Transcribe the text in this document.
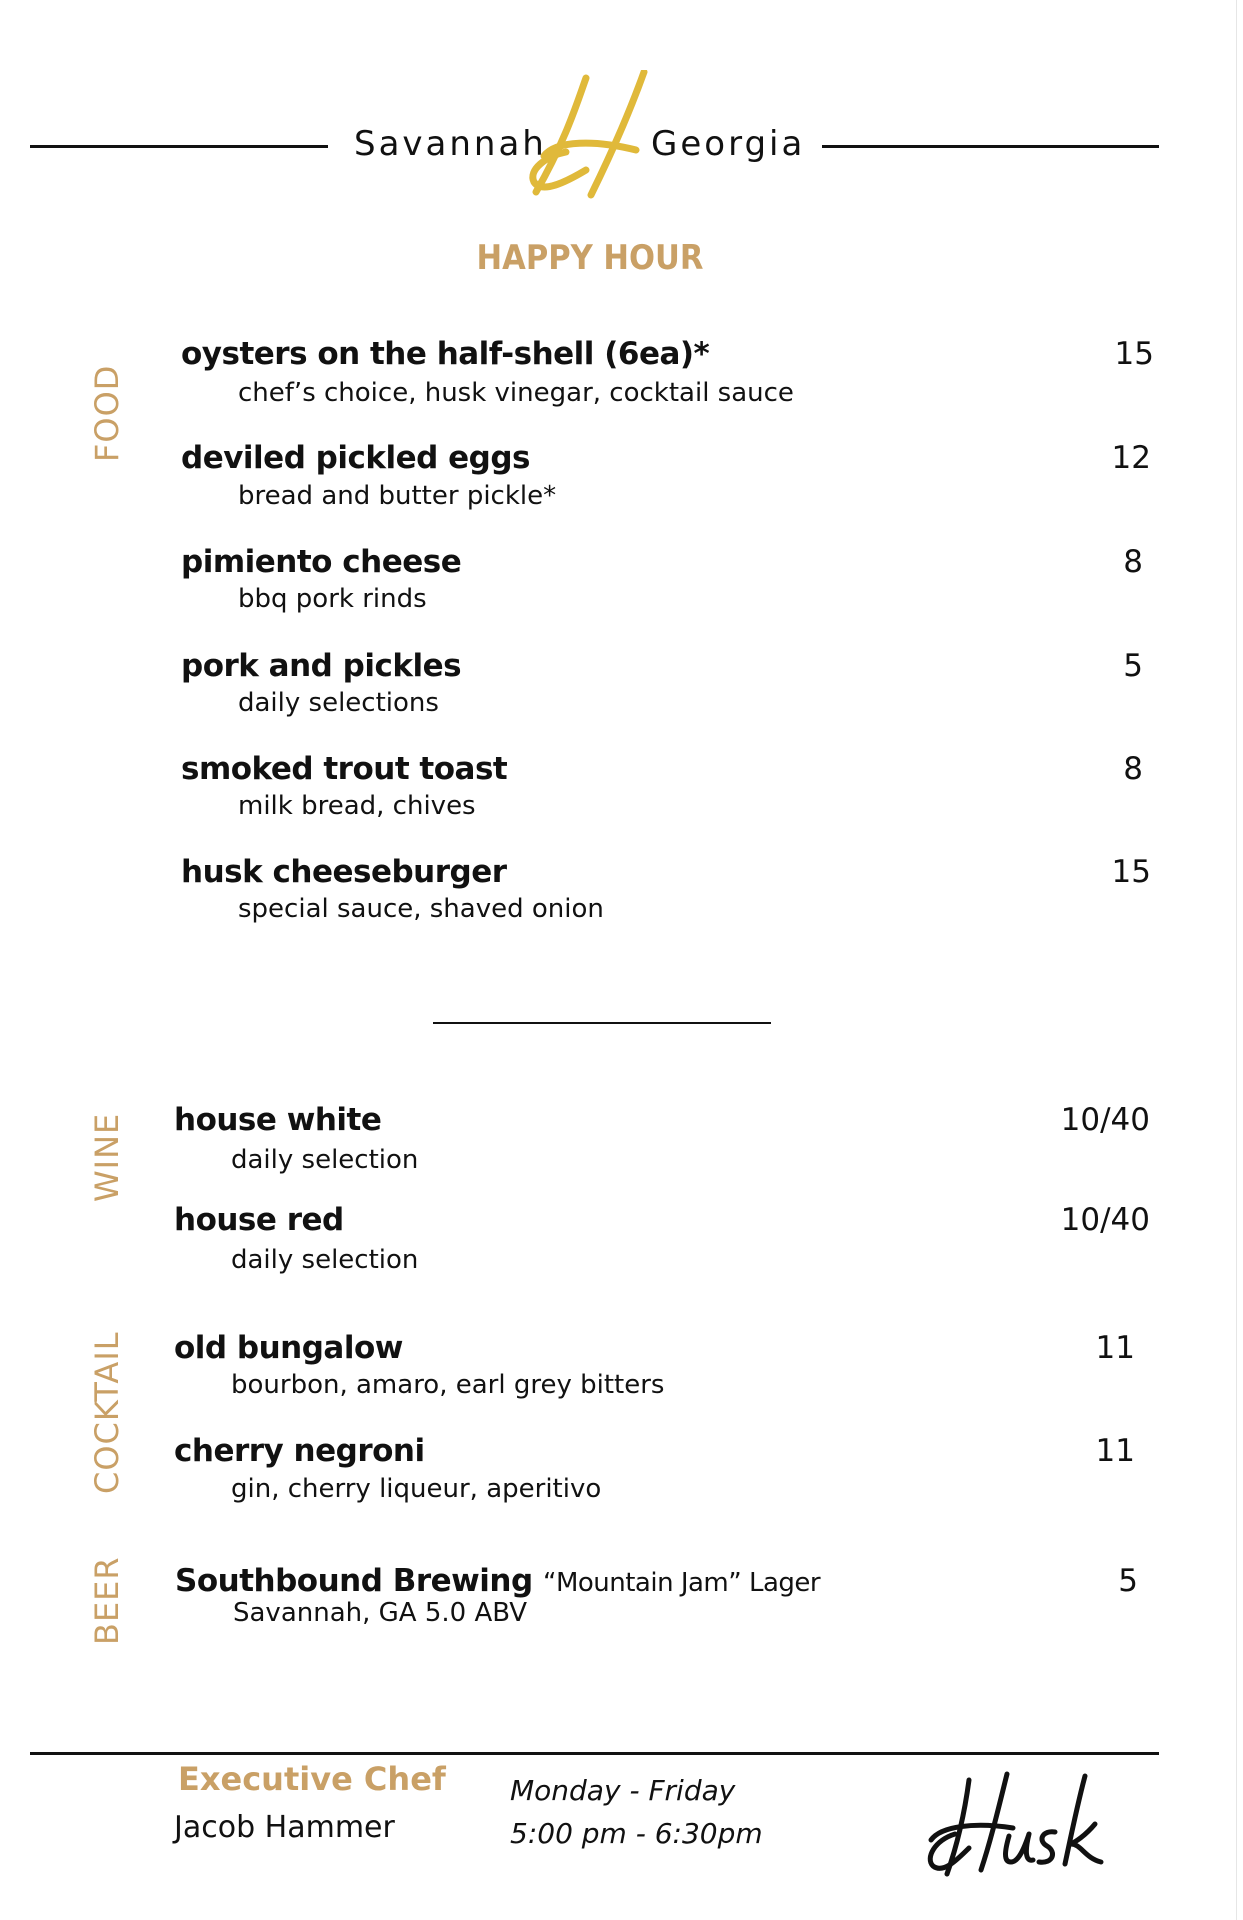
Savannah	Georgia
HAPPY HOUR
FOOD
WINE
COCKTAIL
BEER
oysters on the half-shell (6ea)*
chef’s choice, husk vinegar, cocktail sauce
15
deviled pickled eggs
bread and butter pickle*
12
pimiento cheese
bbq pork rinds
8
pork and pickles
daily selections
5
smoked trout toast
milk bread, chives
8
husk cheeseburger
special sauce, shaved onion
15
house white
daily selection
10/40
house red
daily selection
10/40
old bungalow
bourbon, amaro, earl grey bitters
11
cherry negroni
gin, cherry liqueur, aperitivo
11
Southbound Brewing “Mountain Jam” Lager
Savannah, GA 5.0 ABV
5
Executive Chef
Jacob Hammer
Monday - Friday
5:00 pm - 6:30pm
